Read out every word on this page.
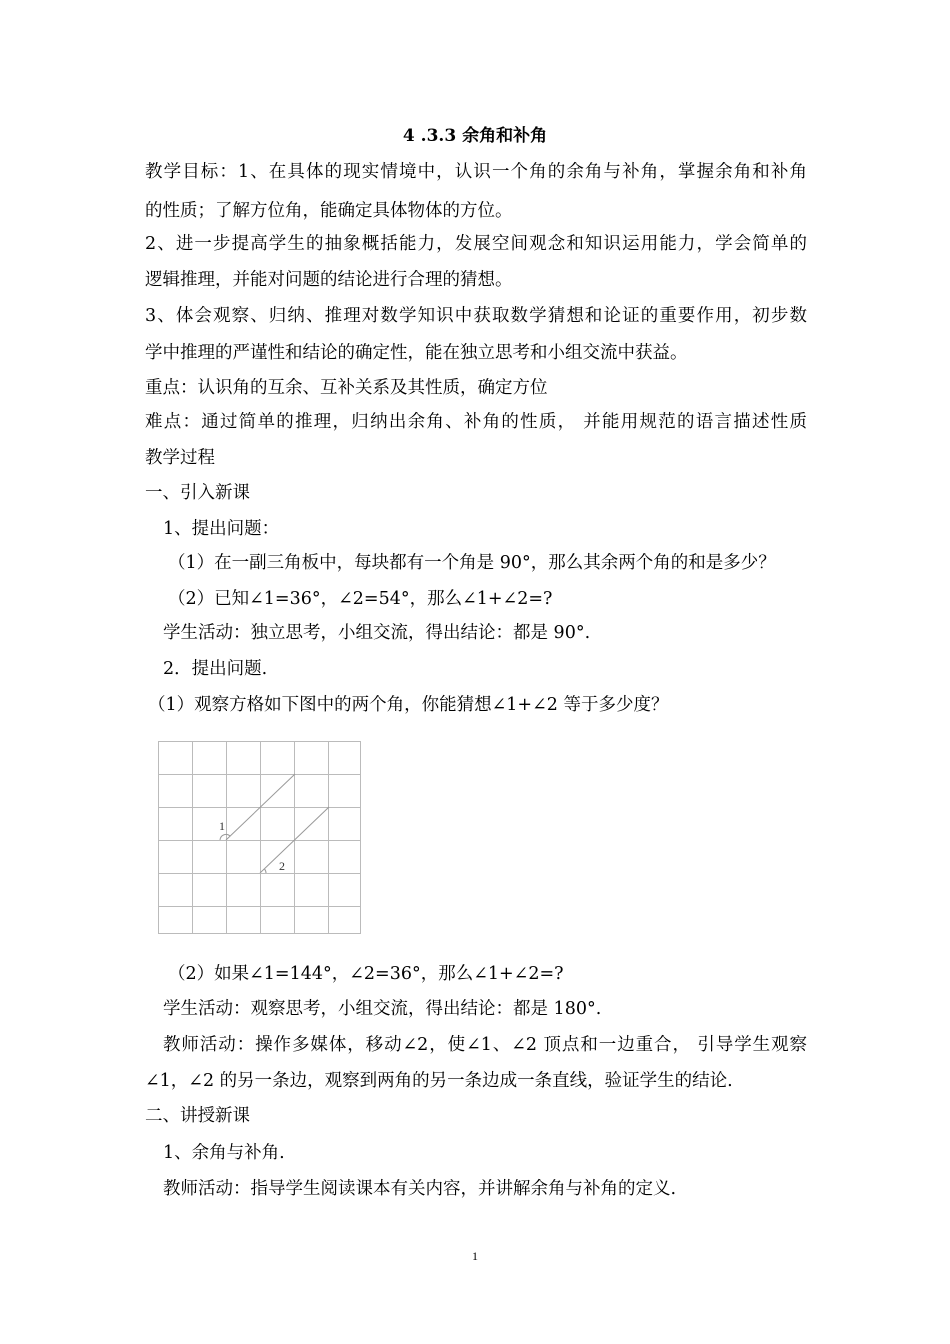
4 .3.3 余角和补角
教学目标：1、在具体的现实情境中，认识一个角的余角与补角，掌握余角和补角
的性质；了解方位角，能确定具体物体的方位。
2、进一步提高学生的抽象概括能力，发展空间观念和知识运用能力，学会简单的
逻辑推理，并能对问题的结论进行合理的猜想。
3、体会观察、归纳、推理对数学知识中获取数学猜想和论证的重要作用，初步数
学中推理的严谨性和结论的确定性，能在独立思考和小组交流中获益。
重点：认识角的互余、互补关系及其性质，确定方位
难点：通过简单的推理，归纳出余角、补角的性质， 并能用规范的语言描述性质
教学过程
一、引入新课
1、提出问题：
（1）在一副三角板中，每块都有一个角是 90°，那么其余两个角的和是多少？
（2）已知∠1=36°，∠2=54°，那么∠1+∠2=?
学生活动：独立思考，小组交流，得出结论：都是 90°.
2．提出问题.
（1）观察方格如下图中的两个角，你能猜想∠1+∠2 等于多少度？
1
2
（2）如果∠1=144°，∠2=36°，那么∠1+∠2=?
学生活动：观察思考，小组交流，得出结论：都是 180°.
教师活动：操作多媒体，移动∠2，使∠1、∠2 顶点和一边重合， 引导学生观察
∠1，∠2 的另一条边，观察到两角的另一条边成一条直线，验证学生的结论.
二、讲授新课
1、余角与补角.
教师活动：指导学生阅读课本有关内容，并讲解余角与补角的定义.
1
